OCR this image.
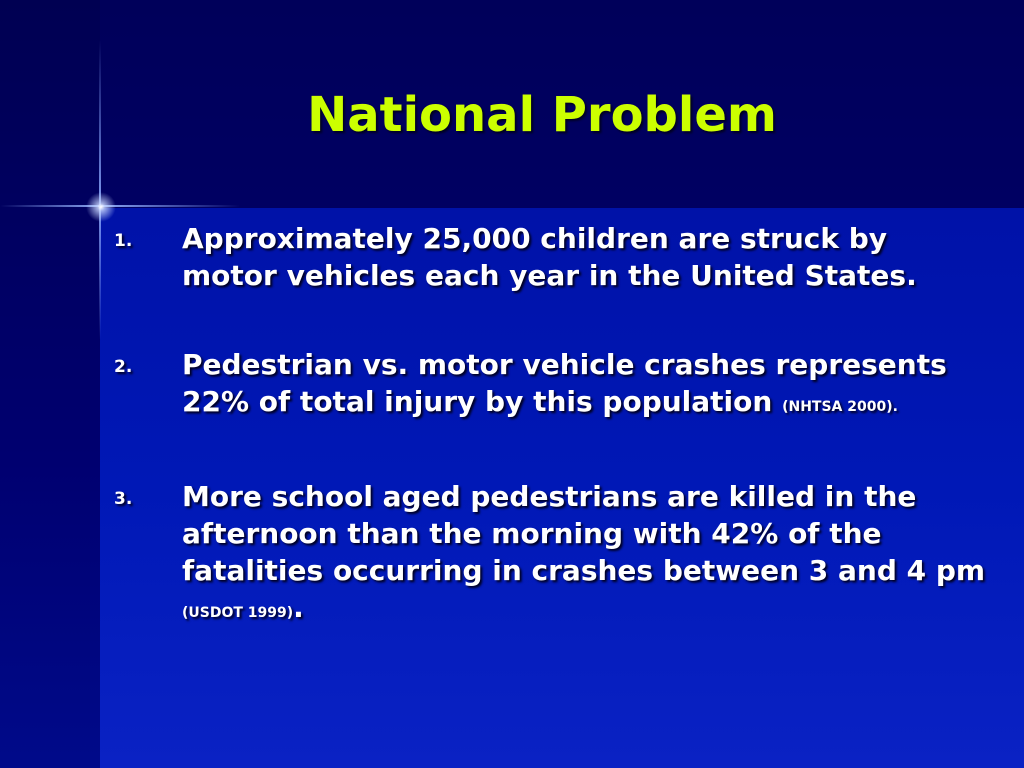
National Problem
1. Approximately 25,000 children are struck by motor vehicles each year in the United States.
2. Pedestrian vs. motor vehicle crashes represents 22% of total injury by this population (NHTSA 2000).
3. More school aged pedestrians are killed in the afternoon than the morning with 42% of the fatalities occurring in crashes between 3 and 4 pm (USDOT 1999).
